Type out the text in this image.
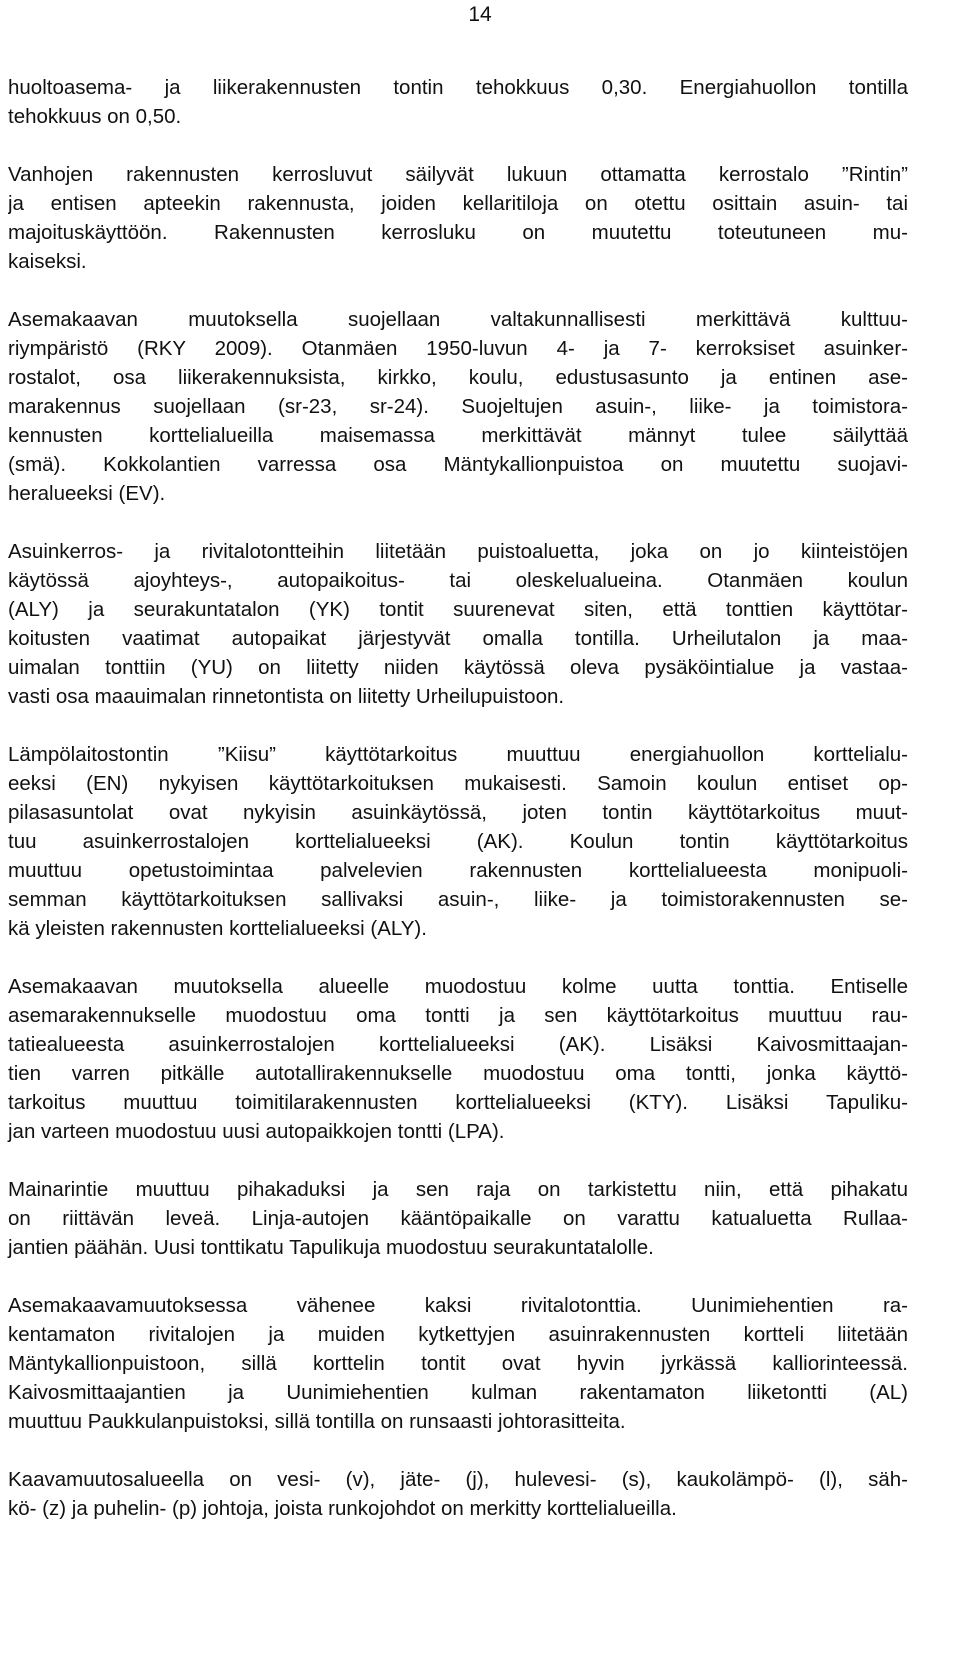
14
huoltoasema- ja liikerakennusten tontin tehokkuus 0,30. Energiahuollon tontilla
tehokkuus on 0,50.
Vanhojen rakennusten kerrosluvut säilyvät lukuun ottamatta kerrostalo ”Rintin”
ja entisen apteekin rakennusta, joiden kellaritiloja on otettu osittain asuin- tai
majoituskäyttöön. Rakennusten kerrosluku on muutettu toteutuneen mu-
kaiseksi.
Asemakaavan muutoksella suojellaan valtakunnallisesti merkittävä kulttuu-
riympäristö (RKY 2009). Otanmäen 1950-luvun 4- ja 7- kerroksiset asuinker-
rostalot, osa liikerakennuksista, kirkko, koulu, edustusasunto ja entinen ase-
marakennus suojellaan (sr-23, sr-24). Suojeltujen asuin-, liike- ja toimistora-
kennusten korttelialueilla maisemassa merkittävät männyt tulee säilyttää
(smä). Kokkolantien varressa osa Mäntykallionpuistoa on muutettu suojavi-
heralueeksi (EV).
Asuinkerros- ja rivitalotontteihin liitetään puistoaluetta, joka on jo kiinteistöjen
käytössä ajoyhteys-, autopaikoitus- tai oleskelualueina. Otanmäen koulun
(ALY) ja seurakuntatalon (YK) tontit suurenevat siten, että tonttien käyttötar-
koitusten vaatimat autopaikat järjestyvät omalla tontilla. Urheilutalon ja maa-
uimalan tonttiin (YU) on liitetty niiden käytössä oleva pysäköintialue ja vastaa-
vasti osa maauimalan rinnetontista on liitetty Urheilupuistoon.
Lämpölaitostontin ”Kiisu” käyttötarkoitus muuttuu energiahuollon korttelialu-
eeksi (EN) nykyisen käyttötarkoituksen mukaisesti. Samoin koulun entiset op-
pilasasuntolat ovat nykyisin asuinkäytössä, joten tontin käyttötarkoitus muut-
tuu asuinkerrostalojen korttelialueeksi (AK). Koulun tontin käyttötarkoitus
muuttuu opetustoimintaa palvelevien rakennusten korttelialueesta monipuoli-
semman käyttötarkoituksen sallivaksi asuin-, liike- ja toimistorakennusten se-
kä yleisten rakennusten korttelialueeksi (ALY).
Asemakaavan muutoksella alueelle muodostuu kolme uutta tonttia. Entiselle
asemarakennukselle muodostuu oma tontti ja sen käyttötarkoitus muuttuu rau-
tatiealueesta asuinkerrostalojen korttelialueeksi (AK). Lisäksi Kaivosmittaajan-
tien varren pitkälle autotallirakennukselle muodostuu oma tontti, jonka käyttö-
tarkoitus muuttuu toimitilarakennusten korttelialueeksi (KTY). Lisäksi Tapuliku-
jan varteen muodostuu uusi autopaikkojen tontti (LPA).
Mainarintie muuttuu pihakaduksi ja sen raja on tarkistettu niin, että pihakatu
on riittävän leveä. Linja-autojen kääntöpaikalle on varattu katualuetta Rullaa-
jantien päähän. Uusi tonttikatu Tapulikuja muodostuu seurakuntatalolle.
Asemakaavamuutoksessa vähenee kaksi rivitalotonttia. Uunimiehentien ra-
kentamaton rivitalojen ja muiden kytkettyjen asuinrakennusten kortteli liitetään
Mäntykallionpuistoon, sillä korttelin tontit ovat hyvin jyrkässä kalliorinteessä.
Kaivosmittaajantien ja Uunimiehentien kulman rakentamaton liiketontti (AL)
muuttuu Paukkulanpuistoksi, sillä tontilla on runsaasti johtorasitteita.
Kaavamuutosalueella on vesi- (v), jäte- (j), hulevesi- (s), kaukolämpö- (l), säh-
kö- (z) ja puhelin- (p) johtoja, joista runkojohdot on merkitty korttelialueilla.
